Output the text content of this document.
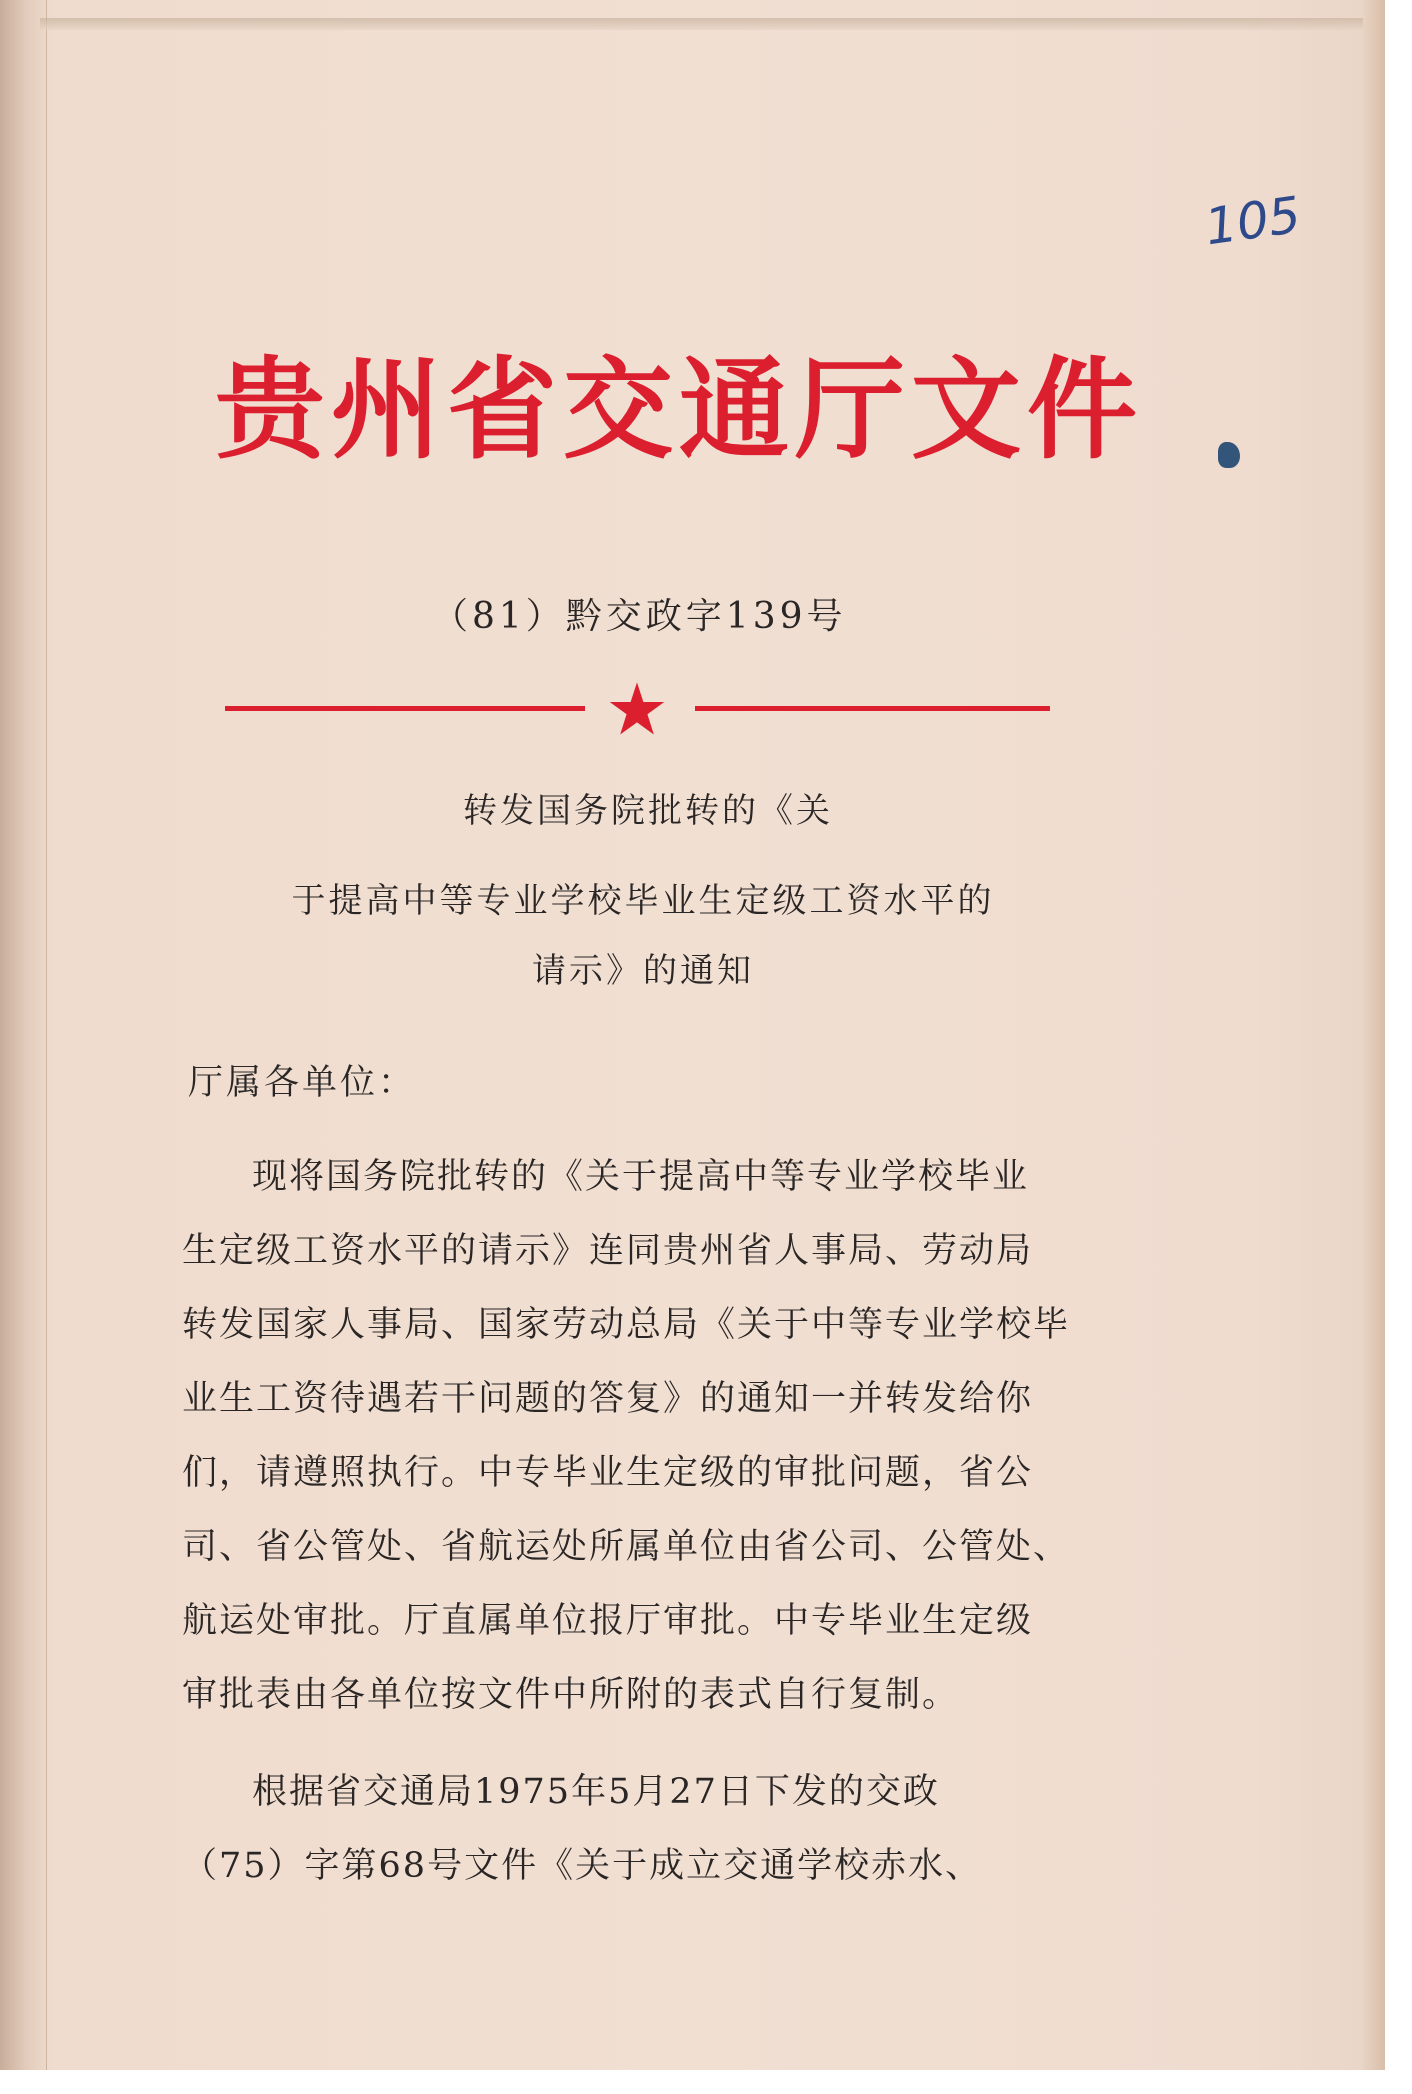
105
贵州省交通厅文件
（81）黔交政字139号
转发国务院批转的《关
于提高中等专业学校毕业生定级工资水平的
请示》的通知
厅属各单位：
现将国务院批转的《关于提高中等专业学校毕业
生定级工资水平的请示》连同贵州省人事局、劳动局
转发国家人事局、国家劳动总局《关于中等专业学校毕
业生工资待遇若干问题的答复》的通知一并转发给你
们，请遵照执行。中专毕业生定级的审批问题，省公
司、省公管处、省航运处所属单位由省公司、公管处、
航运处审批。厅直属单位报厅审批。中专毕业生定级
审批表由各单位按文件中所附的表式自行复制。
根据省交通局1975年5月27日下发的交政
（75）字第68号文件《关于成立交通学校赤水、
